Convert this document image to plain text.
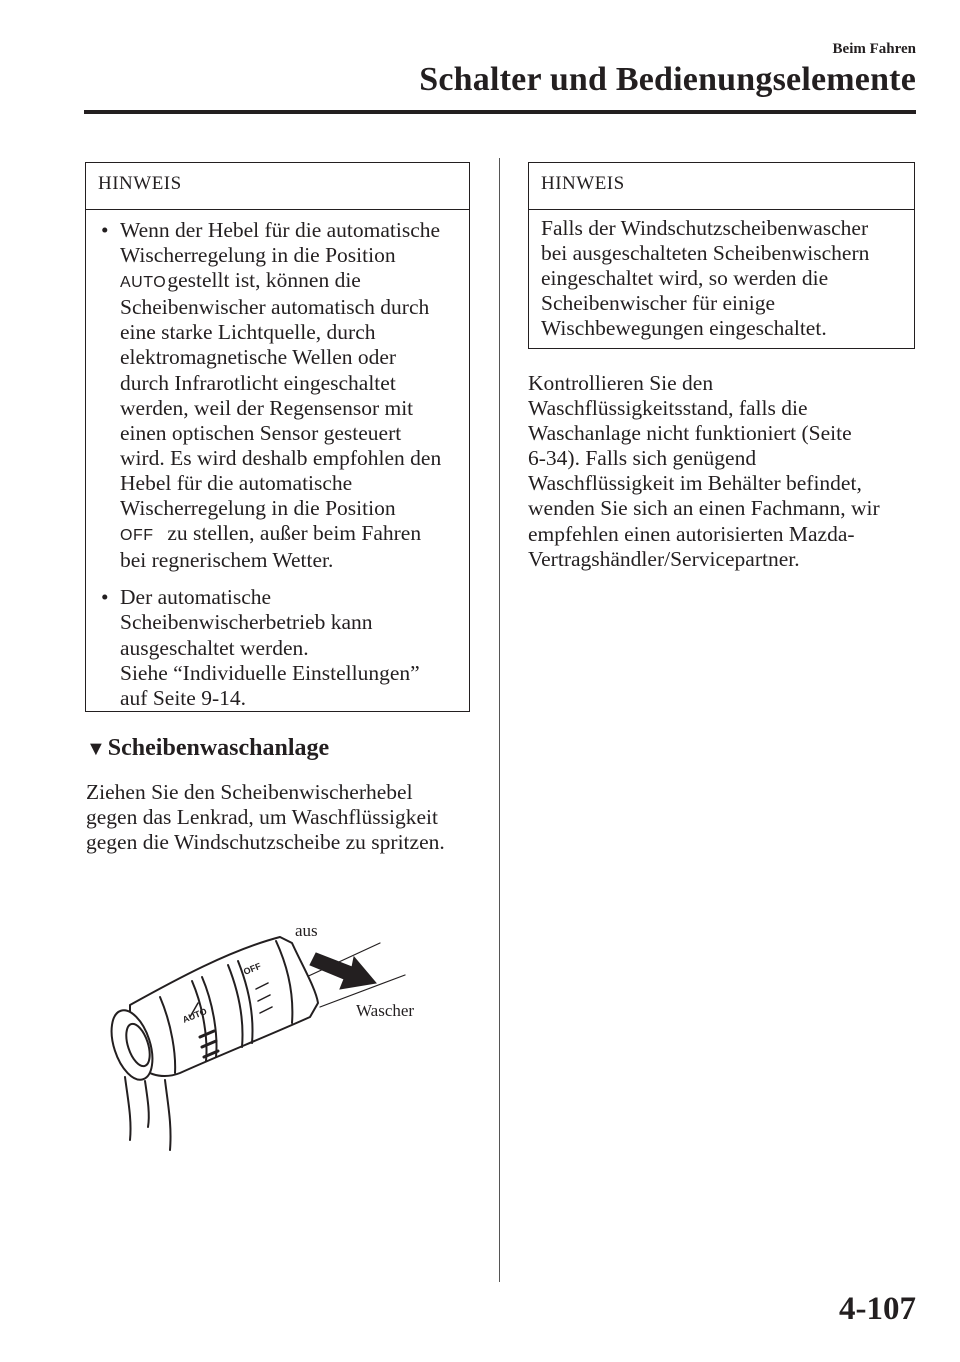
Beim Fahren
Schalter und Bedienungselemente
HINWEIS
• Wenn der Hebel für die automatische
Wischerregelung in die Position
AUTO gestellt ist, können die
Scheibenwischer automatisch durch
eine starke Lichtquelle, durch
elektromagnetische Wellen oder
durch Infrarotlicht eingeschaltet
werden, weil der Regensensor mit
einen optischen Sensor gesteuert
wird. Es wird deshalb empfohlen den
Hebel für die automatische
Wischerregelung in die Position
OFF zu stellen, außer beim Fahren
bei regnerischem Wetter.
• Der automatische
Scheibenwischerbetrieb kann
ausgeschaltet werden.
Siehe “Individuelle Einstellungen”
auf Seite 9-14.
▼Scheibenwaschanlage
Ziehen Sie den Scheibenwischerhebel
gegen das Lenkrad, um Waschflüssigkeit
gegen die Windschutzscheibe zu spritzen.
OFF
AUTO
aus
Wascher
HINWEIS
Falls der Windschutzscheibenwascher
bei ausgeschalteten Scheibenwischern
eingeschaltet wird, so werden die
Scheibenwischer für einige
Wischbewegungen eingeschaltet.
Kontrollieren Sie den
Waschflüssigkeitsstand, falls die
Waschanlage nicht funktioniert (Seite
6-34). Falls sich genügend
Waschflüssigkeit im Behälter befindet,
wenden Sie sich an einen Fachmann, wir
empfehlen einen autorisierten Mazda-
Vertragshändler/Servicepartner.
4-107
